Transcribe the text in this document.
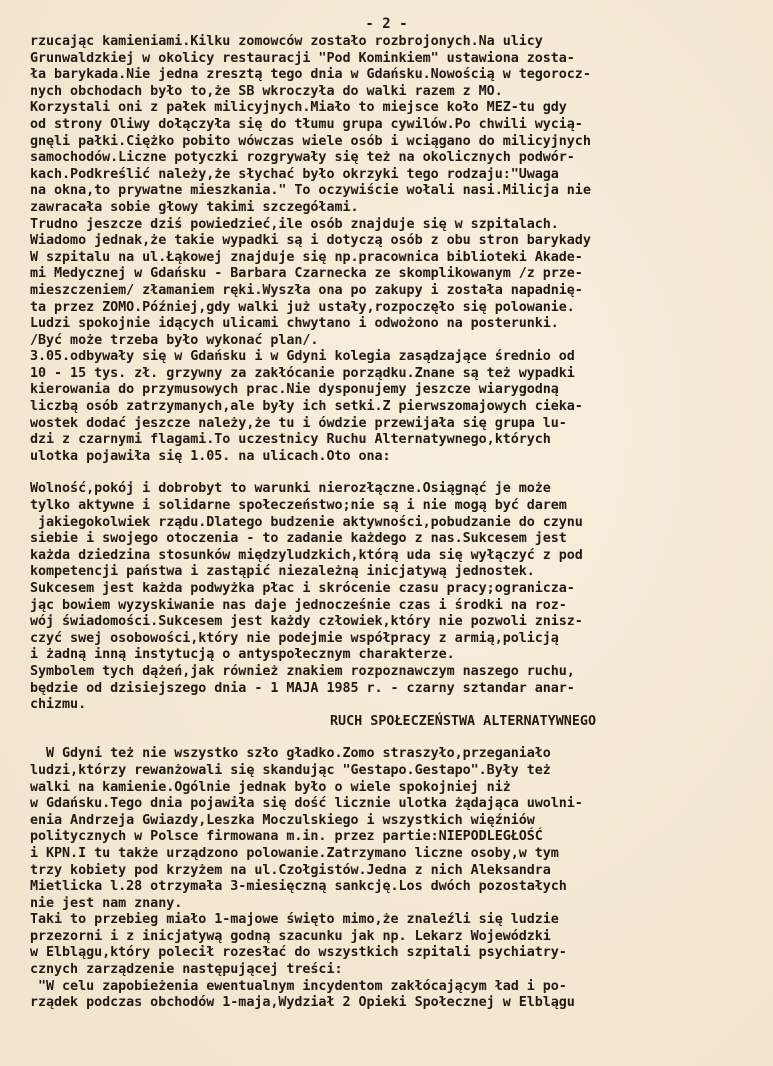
- 2 -
rzucając kamieniami.Kilku zomowców zostało rozbrojonych.Na ulicy
Grunwaldzkiej w okolicy restauracji "Pod Kominkiem" ustawiona zosta-
ła barykada.Nie jedna zresztą tego dnia w Gdańsku.Nowością w tegorocz-
nych obchodach było to,że SB wkroczyła do walki razem z MO.
Korzystali oni z pałek milicyjnych.Miało to miejsce koło MEZ-tu gdy
od strony Oliwy dołączyła się do tłumu grupa cywilów.Po chwili wycią-
gnęli pałki.Ciężko pobito wówczas wiele osób i wciągano do milicyjnych
samochodów.Liczne potyczki rozgrywały się też na okolicznych podwór-
kach.Podkreślić należy,że słychać było okrzyki tego rodzaju:"Uwaga
na okna,to prywatne mieszkania." To oczywiście wołali nasi.Milicja nie
zawracała sobie głowy takimi szczegółami.
Trudno jeszcze dziś powiedzieć,ile osób znajduje się w szpitalach.
Wiadomo jednak,że takie wypadki są i dotyczą osób z obu stron barykady
W szpitalu na ul.Łąkowej znajduje się np.pracownica biblioteki Akade-
mi Medycznej w Gdańsku - Barbara Czarnecka ze skomplikowanym /z prze-
mieszczeniem/ złamaniem ręki.Wyszła ona po zakupy i została napadnię-
ta przez ZOMO.Później,gdy walki już ustały,rozpoczęło się polowanie.
Ludzi spokojnie idących ulicami chwytano i odwożono na posterunki.
/Być może trzeba było wykonać plan/.
3.05.odbywały się w Gdańsku i w Gdyni kolegia zasądzające średnio od
10 - 15 tys. zł. grzywny za zakłócanie porządku.Znane są też wypadki
kierowania do przymusowych prac.Nie dysponujemy jeszcze wiarygodną
liczbą osób zatrzymanych,ale były ich setki.Z pierwszomajowych cieka-
wostek dodać jeszcze należy,że tu i ówdzie przewijała się grupa lu-
dzi z czarnymi flagami.To uczestnicy Ruchu Alternatywnego,których
ulotka pojawiła się 1.05. na ulicach.Oto ona:
Wolność,pokój i dobrobyt to warunki nierozłączne.Osiągnąć je może
tylko aktywne i solidarne społeczeństwo;nie są i nie mogą być darem
jakiegokolwiek rządu.Dlatego budzenie aktywności,pobudzanie do czynu
siebie i swojego otoczenia - to zadanie każdego z nas.Sukcesem jest
każda dziedzina stosunków międzyludzkich,którą uda się wyłączyć z pod
kompetencji państwa i zastąpić niezależną inicjatywą jednostek.
Sukcesem jest każda podwyżka płac i skrócenie czasu pracy;ogranicza-
jąc bowiem wyzyskiwanie nas daje jednocześnie czas i środki na roz-
wój świadomości.Sukcesem jest każdy człowiek,który nie pozwoli znisz-
czyć swej osobowości,który nie podejmie współpracy z armią,policją
i żadną inną instytucją o antyspołecznym charakterze.
Symbolem tych dążeń,jak również znakiem rozpoznawczym naszego ruchu,
będzie od dzisiejszego dnia - 1 MAJA 1985 r. - czarny sztandar anar-
chizmu.
RUCH SPOŁECZEŃSTWA ALTERNATYWNEGO
W Gdyni też nie wszystko szło gładko.Zomo straszyło,przeganiało
ludzi,którzy rewanżowali się skandując "Gestapo.Gestapo".Były też
walki na kamienie.Ogólnie jednak było o wiele spokojniej niż
w Gdańsku.Tego dnia pojawiła się dość licznie ulotka żądająca uwolni-
enia Andrzeja Gwiazdy,Leszka Moczulskiego i wszystkich więźniów
politycznych w Polsce firmowana m.in. przez partie:NIEPODLEGŁOŚĆ
i KPN.I tu także urządzono polowanie.Zatrzymano liczne osoby,w tym
trzy kobiety pod krzyżem na ul.Czołgistów.Jedna z nich Aleksandra
Mietlicka l.28 otrzymała 3-miesięczną sankcję.Los dwóch pozostałych
nie jest nam znany.
Taki to przebieg miało 1-majowe święto mimo,że znaleźli się ludzie
przezorni i z inicjatywą godną szacunku jak np. Lekarz Wojewódzki
w Elblągu,który polecił rozesłać do wszystkich szpitali psychiatry-
cznych zarządzenie następującej treści:
"W celu zapobieżenia ewentualnym incydentom zakłócającym ład i po-
rządek podczas obchodów 1-maja,Wydział 2 Opieki Społecznej w Elblągu
